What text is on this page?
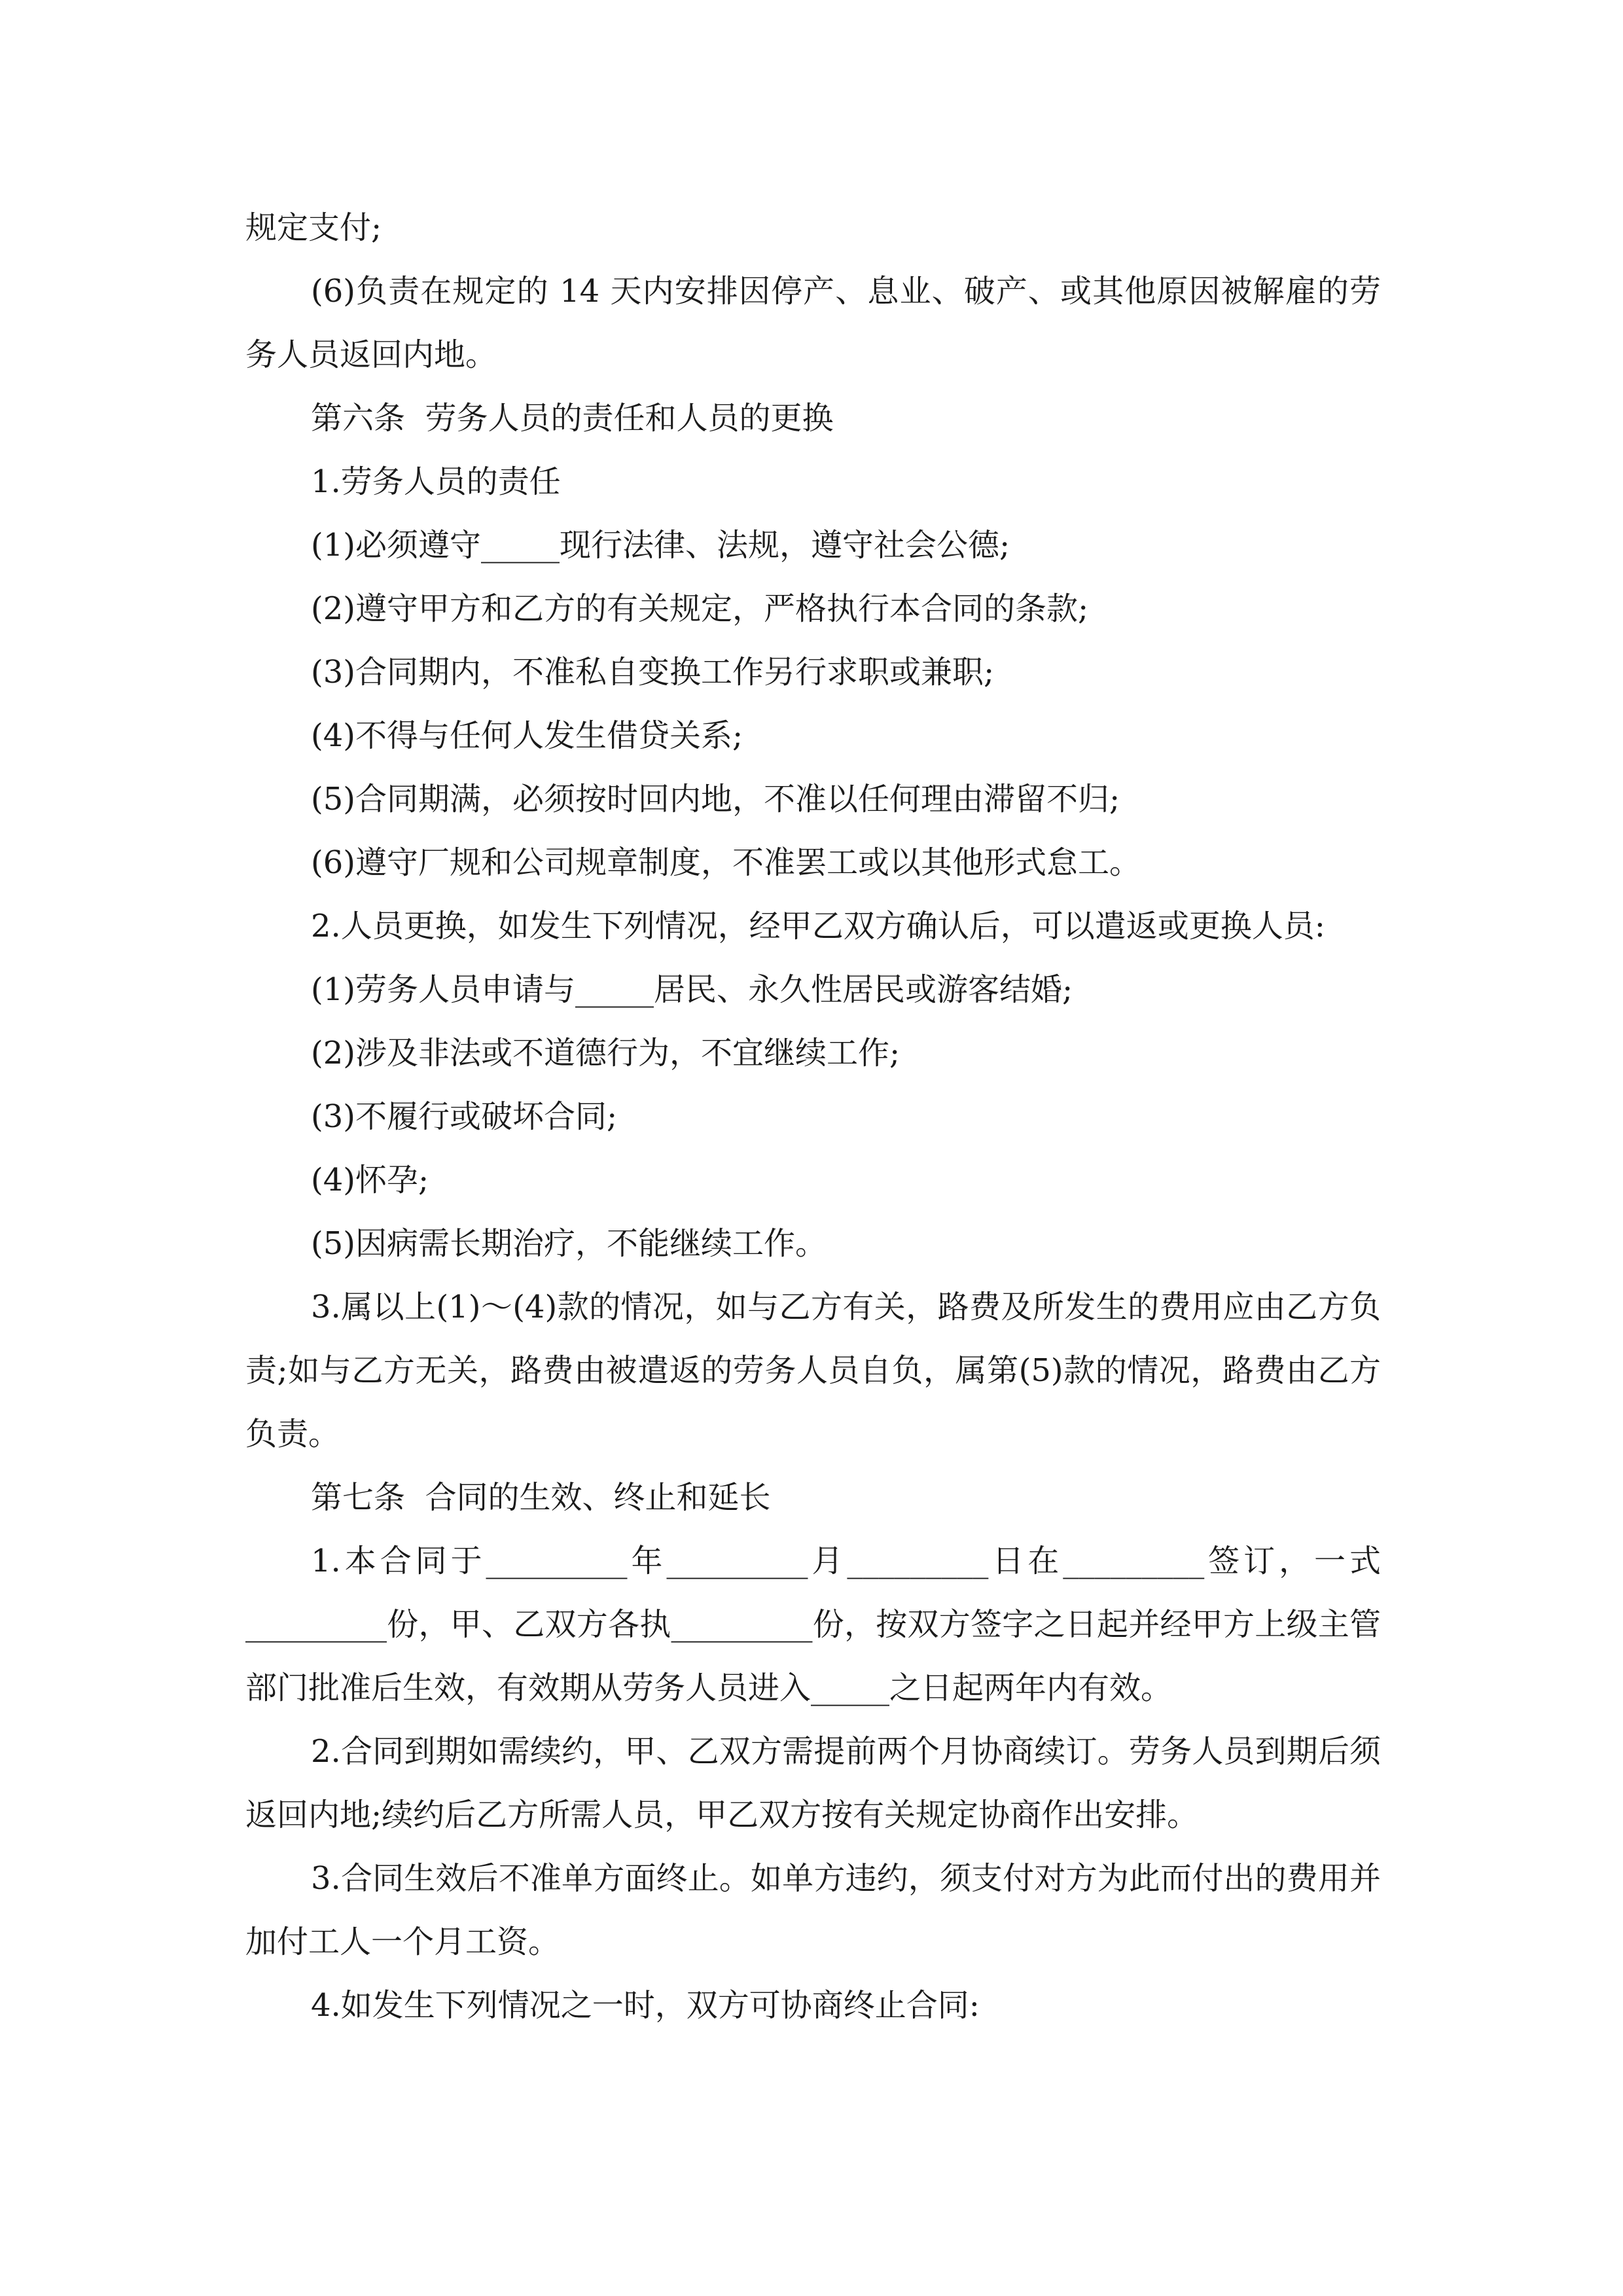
规定支付;

(6)负责在规定的 14 天内安排因停产、息业、破产、或其他原因被解雇的劳务人员返回内地。

第六条  劳务人员的责任和人员的更换

1.劳务人员的责任

(1)必须遵守_____现行法律、法规，遵守社会公德;

(2)遵守甲方和乙方的有关规定，严格执行本合同的条款;

(3)合同期内，不准私自变换工作另行求职或兼职;

(4)不得与任何人发生借贷关系;

(5)合同期满，必须按时回内地，不准以任何理由滞留不归;

(6)遵守厂规和公司规章制度，不准罢工或以其他形式怠工。

2.人员更换，如发生下列情况，经甲乙双方确认后，可以遣返或更换人员:

(1)劳务人员申请与_____居民、永久性居民或游客结婚;

(2)涉及非法或不道德行为，不宜继续工作;

(3)不履行或破坏合同;

(4)怀孕;

(5)因病需长期治疗，不能继续工作。

3.属以上(1)～(4)款的情况，如与乙方有关，路费及所发生的费用应由乙方负责;如与乙方无关，路费由被遣返的劳务人员自负，属第(5)款的情况，路费由乙方负责。

第七条  合同的生效、终止和延长

1.本合同于_________年_________月_________日在_________签订，一式_________份，甲、乙双方各执_________份，按双方签字之日起并经甲方上级主管部门批准后生效，有效期从劳务人员进入_____之日起两年内有效。

2.合同到期如需续约，甲、乙双方需提前两个月协商续订。劳务人员到期后须返回内地;续约后乙方所需人员，甲乙双方按有关规定协商作出安排。

3.合同生效后不准单方面终止。如单方违约，须支付对方为此而付出的费用并加付工人一个月工资。

4.如发生下列情况之一时，双方可协商终止合同:
